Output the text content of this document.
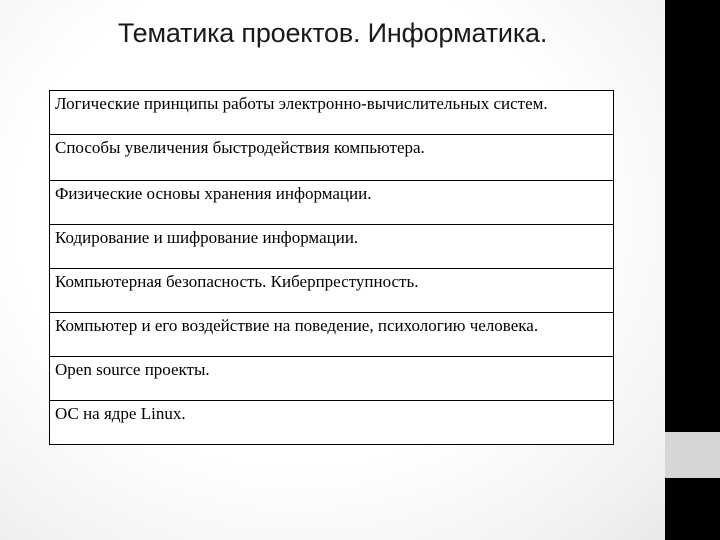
Тематика проектов. Информатика.
Логические принципы работы электронно-вычислительных систем.
Способы увеличения быстродействия компьютера.
Физические основы хранения информации.
Кодирование и шифрование информации.
Компьютерная безопасность. Киберпреступность.
Компьютер и его воздействие на поведение, психологию человека.
Open source проекты.
ОС на ядре Linux.
